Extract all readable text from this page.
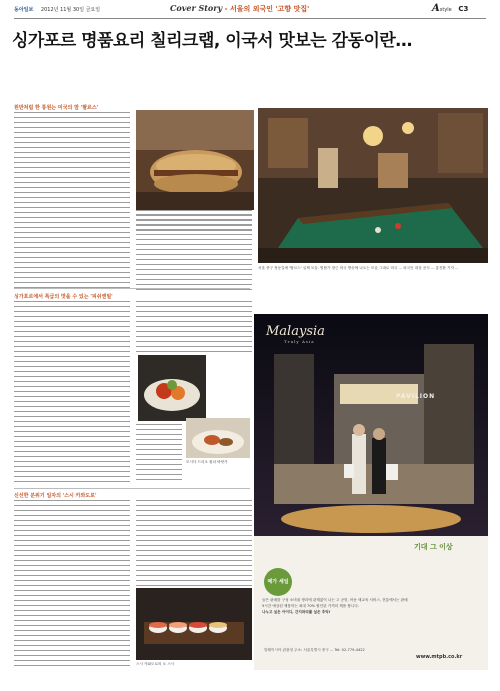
동아일보 2012년 11월 30일 금요일	Cover Story - 서울의 외국인 '고향 맛집'	Astyle C3
싱가포르 명품요리 칠리크랩, 이국서 맛보는 감동이란…
원반처럼 한 통원는 미국의 맘 '팔르스'
서울 중구 정동길에 '팔르스' 실제 모습. 힙합가 장근 미국 방송에 나오는 모습 그대로 미국 ... 외국인 대상 음식 ... 홍진환 기자 ...
싱가포르에서 특급의 맛을 수 있는 '피쉬앤빌'
모시다 드리오 원녀 바닷가
신선한 분위기 일자의 '스시 카와도로'
스시 카와도로의 오 스시
Malaysia
Truly Asia
PAVILION
기대 그 이상
메가 세일
들은 판매를 구성 소비권 생리에 관계없이 나는 고 공항, 어둥 새교육 서비스, 전통에서는 판매
5시간 예상된 제품하는 최대 70% 할인된 가격의 제품 합니다.
나누고 실은 아이디, 간지파리를 실은 추억!
말레이시아 관광청 주소: 서울특별시 중구 ... Tel: 02-779-4422
www.mtpb.co.kr
